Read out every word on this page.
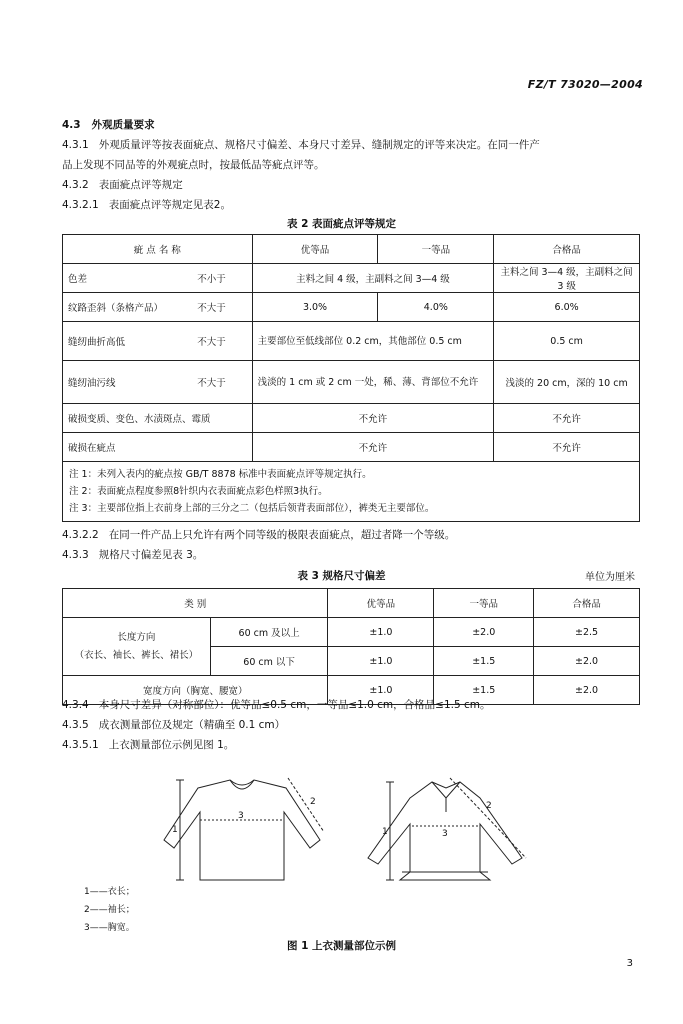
FZ/T 73020—2004
4.3 外观质量要求
4.3.1 外观质量评等按表面疵点、规格尺寸偏差、本身尺寸差异、缝制规定的评等来决定。在同一件产
品上发现不同品等的外观疵点时，按最低品等疵点评等。
4.3.2 表面疵点评等规定
4.3.2.1 表面疵点评等规定见表2。
表 2 表面疵点评等规定
疵 点 名 称		优等品	一等品	合格品
色差	不小于	主料之间 4 级，主副料之间 3—4 级		主料之间 3—4 级，主副料之间 3 级
纹路歪斜（条格产品）	不大于	3.0%	4.0%	6.0%
缝纫曲折高低	不大于	主要部位至低线部位 0.2 cm，其他部位 0.5 cm		0.5 cm
缝纫油污线	不大于	浅淡的 1 cm 或 2 cm 一处，稀、薄、背部位不允许		浅淡的 20 cm，深的 10 cm
破损变质、变色、水渍斑点、霉质		不允许		不允许
破损在疵点		不允许		不允许

注 1：未列入表内的疵点按 GB/T 8878 标准中表面疵点评等规定执行。
注 2：表面疵点程度参照8针织内衣表面疵点彩色样照3执行。
注 3：主要部位指上衣前身上部的三分之二（包括后领背表面部位），裤类无主要部位。				
4.3.2.2 在同一件产品上只允许有两个同等级的极限表面疵点，超过者降一个等级。
4.3.3 规格尺寸偏差见表 3。
表 3 规格尺寸偏差	单位为厘米
类 别		优等品	一等品	合格品

长度方向
（衣长、袖长、裤长、裙长）	60 cm 及以上	±1.0	±2.0	±2.5
	60 cm 以下	±1.0	±1.5	±2.0
宽度方向（胸宽、腰宽）		±1.0	±1.5	±2.0
4.3.4 本身尺寸差异（对称部位）：优等品≤0.5 cm，一等品≤1.0 cm，合格品≤1.5 cm。
4.3.5 成衣测量部位及规定（精确至 0.1 cm）
4.3.5.1 上衣测量部位示例见图 1。
1
2
3
1
2
3
1——衣长；
2——袖长；
3——胸宽。
图 1 上衣测量部位示例
3
